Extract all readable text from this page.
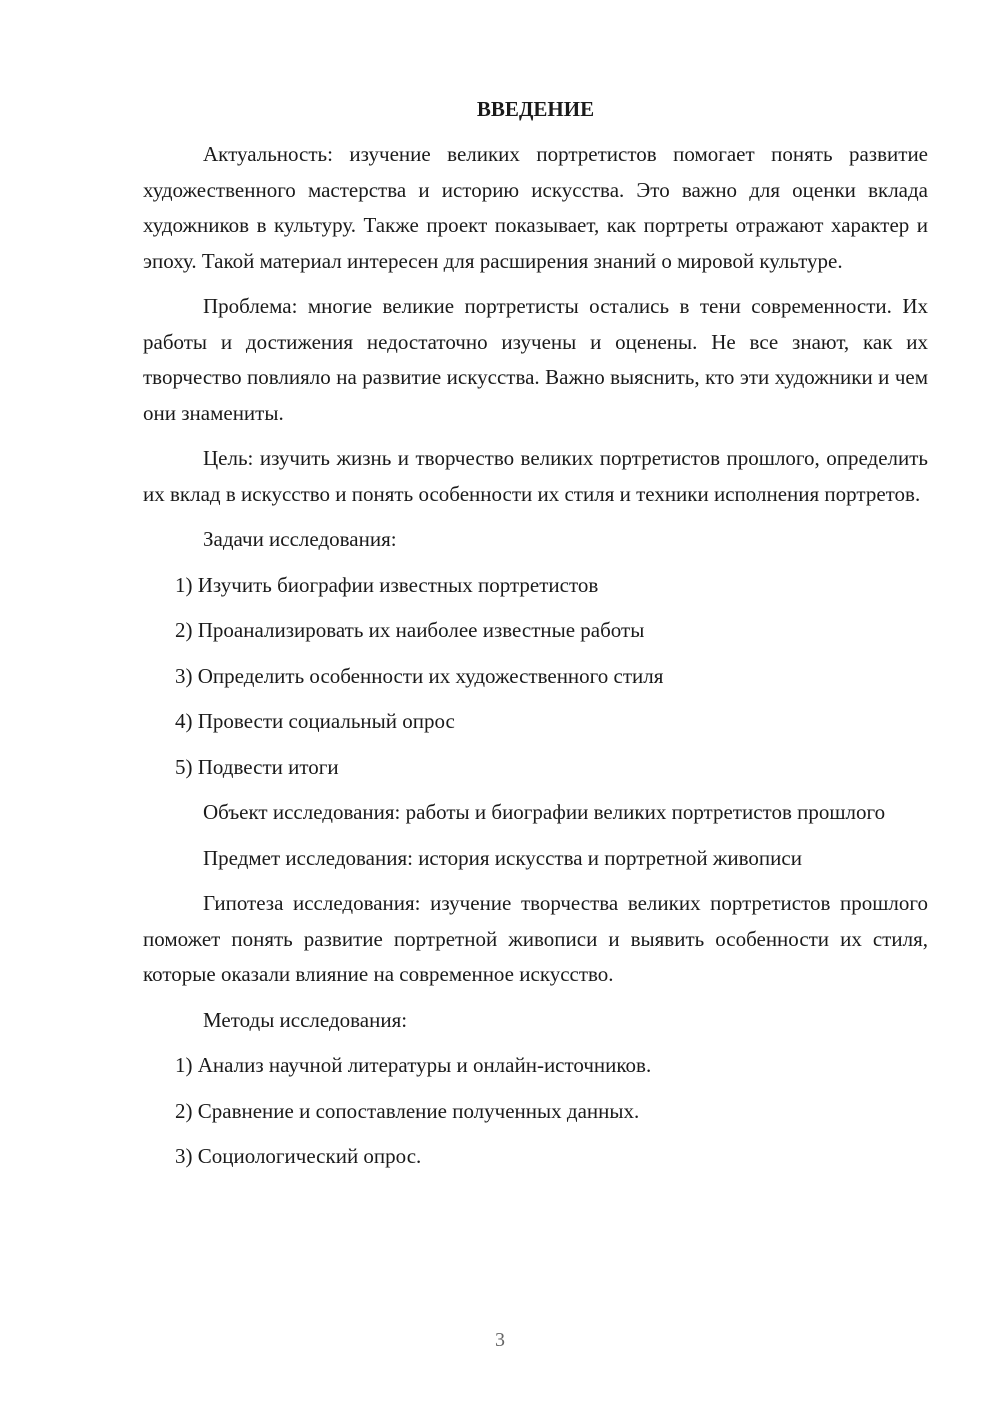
ВВЕДЕНИЕ

Актуальность: изучение великих портретистов помогает понять развитие художественного мастерства и историю искусства. Это важно для оценки вклада художников в культуру. Также проект показывает, как портреты отражают характер и эпоху. Такой материал интересен для расширения знаний о мировой культуре.

Проблема: многие великие портретисты остались в тени современности. Их работы и достижения недостаточно изучены и оценены. Не все знают, как их творчество повлияло на развитие искусства. Важно выяснить, кто эти художники и чем они знамениты.

Цель: изучить жизнь и творчество великих портретистов прошлого, определить их вклад в искусство и понять особенности их стиля и техники исполнения портретов.

Задачи исследования:

1) Изучить биографии известных портретистов

2) Проанализировать их наиболее известные работы

3) Определить особенности их художественного стиля

4) Провести социальный опрос

5) Подвести итоги

Объект исследования: работы и биографии великих портретистов прошлого

Предмет исследования: история искусства и портретной живописи

Гипотеза исследования: изучение творчества великих портретистов прошлого поможет понять развитие портретной живописи и выявить особенности их стиля, которые оказали влияние на современное искусство.

Методы исследования:

1) Анализ научной литературы и онлайн-источников.

2) Сравнение и сопоставление полученных данных.

3) Социологический опрос.

3
